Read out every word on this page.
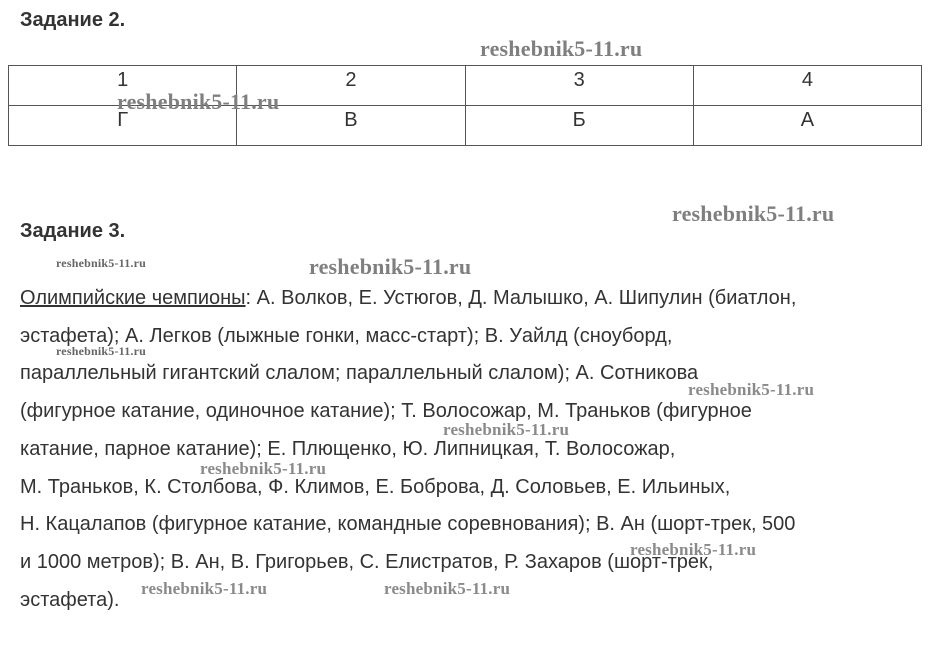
Задание 2.
1	2	3	4
Г	В	Б	А
Задание 3.
Олимпийские чемпионы: А. Волков, Е. Устюгов, Д. Малышко, А. Шипулин (биатлон,
эстафета); А. Легков (лыжные гонки, масс-старт); В. Уайлд (сноуборд,
параллельный гигантский слалом; параллельный слалом); А. Сотникова
(фигурное катание, одиночное катание); Т. Волосожар, М. Траньков (фигурное
катание, парное катание); Е. Плющенко, Ю. Липницкая, Т. Волосожар,
М. Траньков, К. Столбова, Ф. Климов, Е. Боброва, Д. Соловьев, Е. Ильиных,
Н. Кацалапов (фигурное катание, командные соревнования); В. Ан (шорт-трек, 500
и 1000 метров); В. Ан, В. Григорьев, С. Елистратов, Р. Захаров (шорт-трек,
эстафета).
reshebnik5-11.ru
reshebnik5-11.ru
reshebnik5-11.ru
reshebnik5-11.ru	reshebnik5-11.ru
reshebnik5-11.ru
reshebnik5-11.ru
reshebnik5-11.ru
reshebnik5-11.ru
reshebnik5-11.ru
reshebnik5-11.ru	reshebnik5-11.ru
